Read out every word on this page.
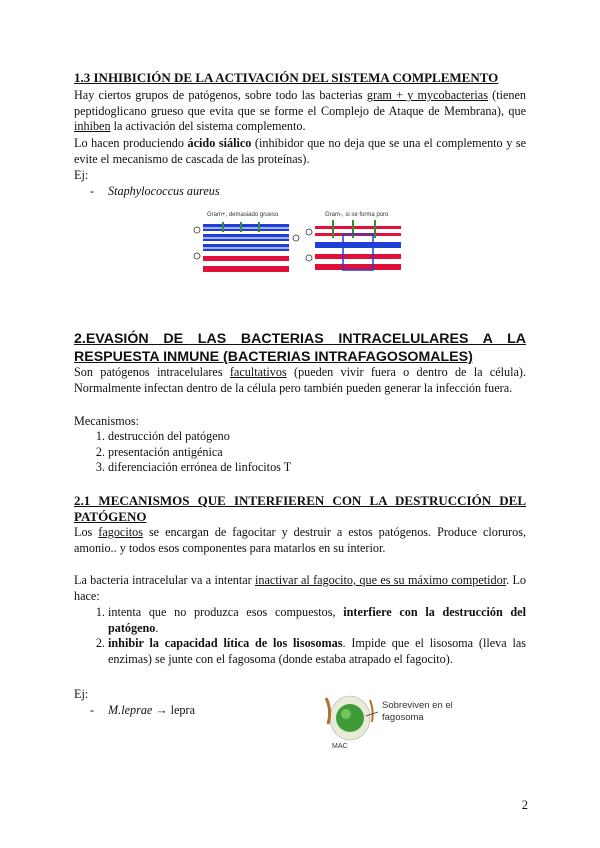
1.3 INHIBICIÓN DE LA ACTIVACIÓN DEL SISTEMA COMPLEMENTO
Hay ciertos grupos de patógenos, sobre todo las bacterias gram + y mycobacterias (tienen peptidoglicano grueso que evita que se forme el Complejo de Ataque de Membrana), que inhiben la activación del sistema complemento.
Lo hacen produciendo ácido siálico (inhibidor que no deja que se una el complemento y se evite el mecanismo de cascada de las proteínas).
Ej:
- Staphylococcus aureus
Gram+, demasiado grueso	Gram-, si se forma poro
2.EVASIÓN DE LAS BACTERIAS INTRACELULARES A LA RESPUESTA INMUNE (BACTERIAS INTRAFAGOSOMALES)
Son patógenos intracelulares facultativos (pueden vivir fuera o dentro de la célula). Normalmente infectan dentro de la célula pero también pueden generar la infección fuera.
Mecanismos:
1. destrucción del patógeno
2. presentación antigénica
3. diferenciación errónea de linfocitos T
2.1 MECANISMOS QUE INTERFIEREN CON LA DESTRUCCIÓN DEL PATÓGENO
Los fagocitos se encargan de fagocitar y destruir a estos patógenos. Produce cloruros, amonio.. y todos esos componentes para matarlos en su interior.
La bacteria intracelular va a intentar inactivar al fagocito, que es su máximo competidor. Lo hace:
1. intenta que no produzca esos compuestos, interfiere con la destrucción del patógeno.
2. inhibir la capacidad lítica de los lisosomas. Impide que el lisosoma (lleva las enzimas) se junte con el fagosoma (donde estaba atrapado el fagocito).
Ej:
- M.leprae → lepra
MAC
Sobreviven en el fagosoma
2
